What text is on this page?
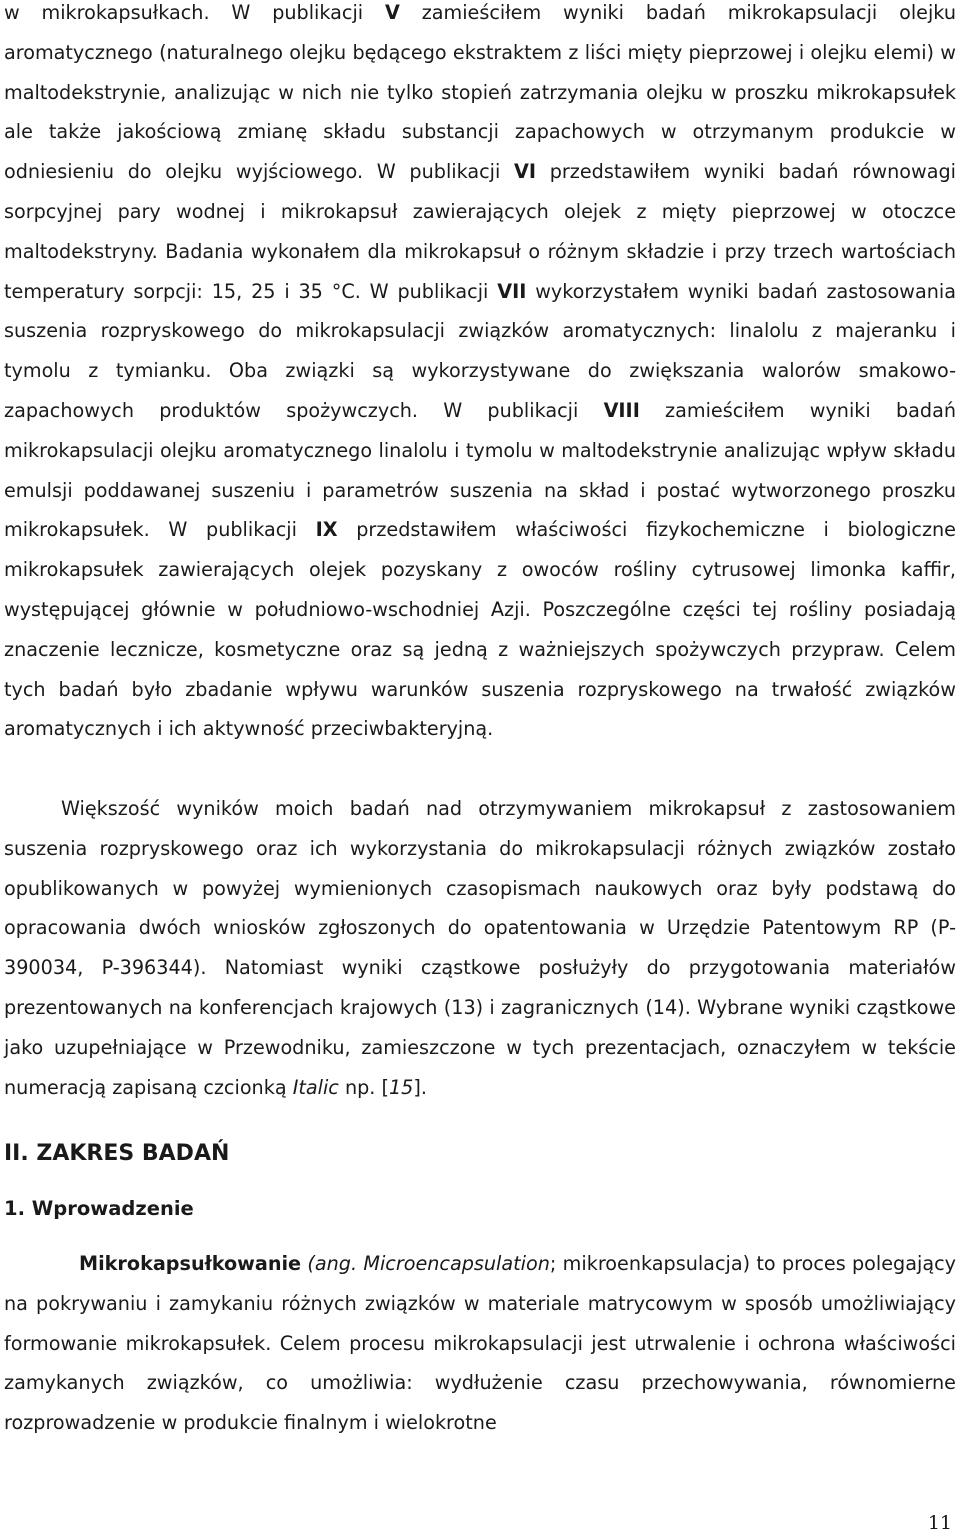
w mikrokapsułkach. W publikacji V zamieściłem wyniki badań mikrokapsulacji olejku aromatycznego (naturalnego olejku będącego ekstraktem z liści mięty pieprzowej i olejku elemi) w maltodekstrynie, analizując w nich nie tylko stopień zatrzymania olejku w proszku mikrokapsułek ale także jakościową zmianę składu substancji zapachowych w otrzymanym produkcie w odniesieniu do olejku wyjściowego. W publikacji VI przedstawiłem wyniki badań równowagi sorpcyjnej pary wodnej i mikrokapsuł zawierających olejek z mięty pieprzowej w otoczce maltodekstryny. Badania wykonałem dla mikrokapsuł o różnym składzie i przy trzech wartościach temperatury sorpcji: 15, 25 i 35 °C. W publikacji VII wykorzystałem wyniki badań zastosowania suszenia rozpryskowego do mikrokapsulacji związków aromatycznych: linalolu z majeranku i tymolu z tymianku. Oba związki są wykorzystywane do zwiększania walorów smakowo-zapachowych produktów spożywczych. W publikacji VIII zamieściłem wyniki badań mikrokapsulacji olejku aromatycznego linalolu i tymolu w maltodekstrynie analizując wpływ składu emulsji poddawanej suszeniu i parametrów suszenia na skład i postać wytworzonego proszku mikrokapsułek. W publikacji IX przedstawiłem właściwości fizykochemiczne i biologiczne mikrokapsułek zawierających olejek pozyskany z owoców rośliny cytrusowej limonka kaffir, występującej głównie w południowo-wschodniej Azji. Poszczególne części tej rośliny posiadają znaczenie lecznicze, kosmetyczne oraz są jedną z ważniejszych spożywczych przypraw. Celem tych badań było zbadanie wpływu warunków suszenia rozpryskowego na trwałość związków aromatycznych i ich aktywność przeciwbakteryjną.

Większość wyników moich badań nad otrzymywaniem mikrokapsuł z zastosowaniem suszenia rozpryskowego oraz ich wykorzystania do mikrokapsulacji różnych związków zostało opublikowanych w powyżej wymienionych czasopismach naukowych oraz były podstawą do opracowania dwóch wniosków zgłoszonych do opatentowania w Urzędzie Patentowym RP (P-390034, P-396344). Natomiast wyniki cząstkowe posłużyły do przygotowania materiałów prezentowanych na konferencjach krajowych (13) i zagranicznych (14). Wybrane wyniki cząstkowe jako uzupełniające w Przewodniku, zamieszczone w tych prezentacjach, oznaczyłem w tekście numeracją zapisaną czcionką Italic np. [15].

II. ZAKRES BADAŃ
1. Wprowadzenie

Mikrokapsułkowanie (ang. Microencapsulation; mikroenkapsulacja) to proces polegający na pokrywaniu i zamykaniu różnych związków w materiale matrycowym w sposób umożliwiający formowanie mikrokapsułek. Celem procesu mikrokapsulacji jest utrwalenie i ochrona właściwości zamykanych związków, co umożliwia: wydłużenie czasu przechowywania, równomierne rozprowadzenie w produkcie finalnym i wielokrotne

11
